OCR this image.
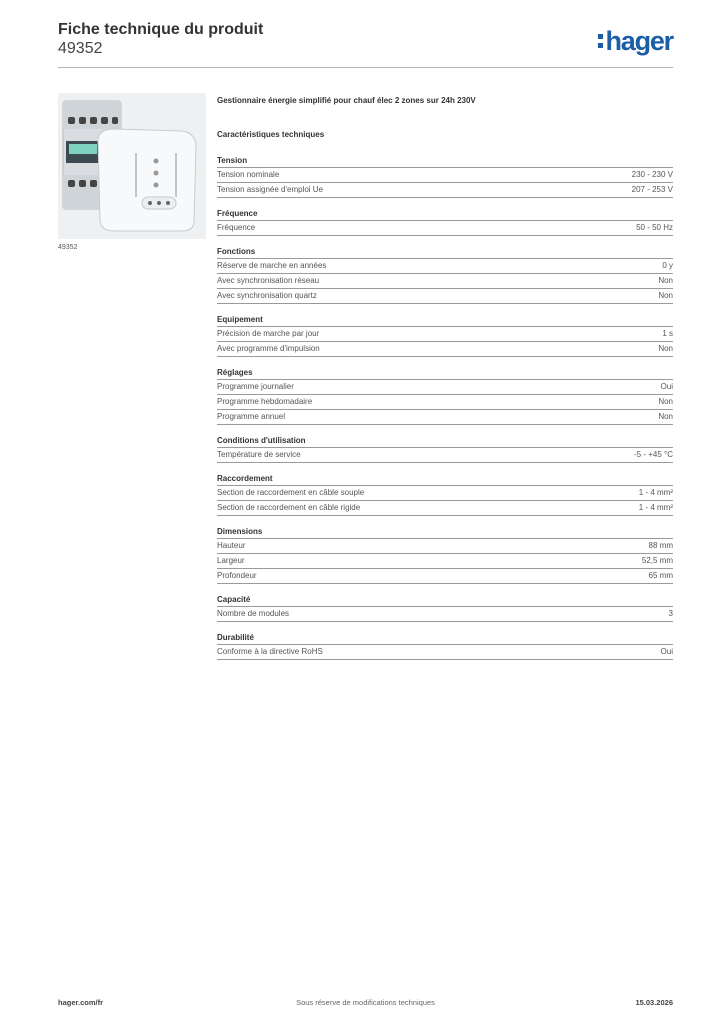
Fiche technique du produit
49352	hager
49352
Gestionnaire énergie simplifié pour chauf élec 2 zones sur 24h 230V
Caractéristiques techniques
Tension
Tension nominale	230 - 230 V
Tension assignée d'emploi Ue	207 - 253 V
Fréquence
Fréquence	50 - 50 Hz
Fonctions
Réserve de marche en années	0 y
Avec synchronisation réseau	Non
Avec synchronisation quartz	Non
Equipement
Précision de marche par jour	1 s
Avec programme d'impulsion	Non
Réglages
Programme journalier	Oui
Programme hebdomadaire	Non
Programme annuel	Non
Conditions d'utilisation
Température de service	-5 - +45 °C
Raccordement
Section de raccordement en câble souple	1 - 4 mm²
Section de raccordement en câble rigide	1 - 4 mm²
Dimensions
Hauteur	88 mm
Largeur	52,5 mm
Profondeur	65 mm
Capacité
Nombre de modules	3
Durabilité
Conforme à la directive RoHS	Oui
hager.com/fr	Sous réserve de modifications techniques	15.03.2026
